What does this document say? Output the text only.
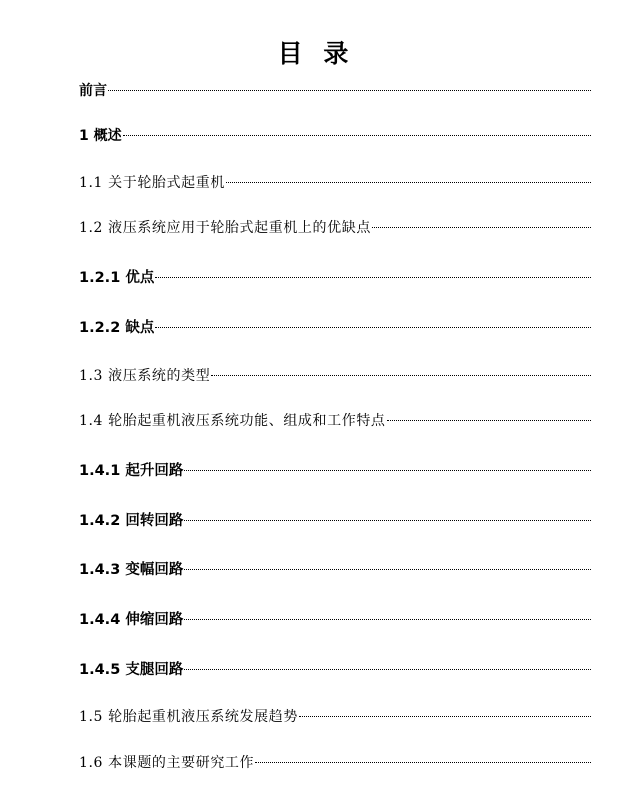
目 录
前言
1 概述
1.1 关于轮胎式起重机
1.2 液压系统应用于轮胎式起重机上的优缺点
1.2.1 优点
1.2.2 缺点
1.3 液压系统的类型
1.4 轮胎起重机液压系统功能、组成和工作特点
1.4.1 起升回路
1.4.2 回转回路
1.4.3 变幅回路
1.4.4 伸缩回路
1.4.5 支腿回路
1.5 轮胎起重机液压系统发展趋势
1.6 本课题的主要研究工作
